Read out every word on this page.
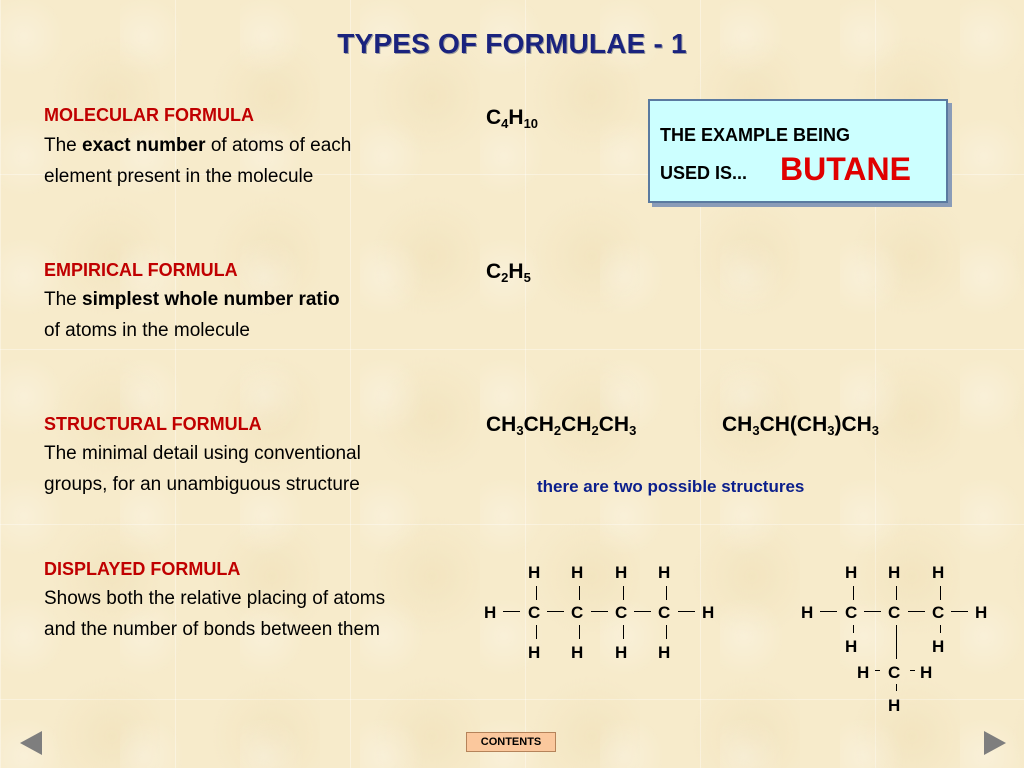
TYPES OF FORMULAE - 1
MOLECULAR FORMULA
The exact number of atoms of each
element present in the molecule
$C_4H_{10}$
THE EXAMPLE BEING
USED IS... BUTANE
EMPIRICAL FORMULA
The simplest whole number ratio
of atoms in the molecule
$C_2H_5$
STRUCTURAL FORMULA
The minimal detail using conventional
groups, for an unambiguous structure
$CH_3CH_2CH_2CH_3$	$CH_3CH(CH_3)CH_3$
there are two possible structures
DISPLAYED FORMULA
Shows both the relative placing of atoms
and the number of bonds between them
H H H H
H C C C C H
H H H H
H H H
H C C C H
H	H
H C H
H
CONTENTS
